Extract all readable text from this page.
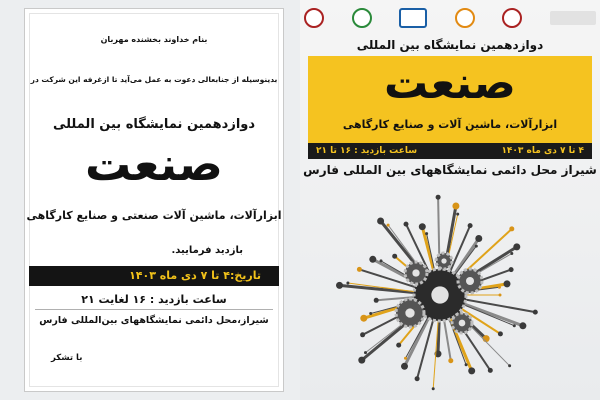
بنام خداوند بخشنده مهربان
بدینوسیله از جنابعالی دعوت به عمل می‌آید تا ازغرفه این شرکت در
دوازدهمین نمایشگاه بین المللی
صنعت
ابزارآلات، ماشین آلات صنعتی و صنایع کارگاهی
بازدید فرمایید.
تاریخ:۴ تا ۷ دی ماه ۱۴۰۳
ساعت بازدید : ۱۶ لغایت ۲۱
شیراز،محل دائمی نمایشگاههای بین‌المللی فارس
با تشکر
دوازدهمین نمایشگاه بین المللی
صنعت
ابزارآلات، ماشین آلات و صنایع کارگاهی
۴ تا ۷ دی ماه ۱۴۰۳
ساعت بازدید : ۱۶ تا ۲۱
شیراز محل دائمی نمایشگاههای بین المللی فارس
